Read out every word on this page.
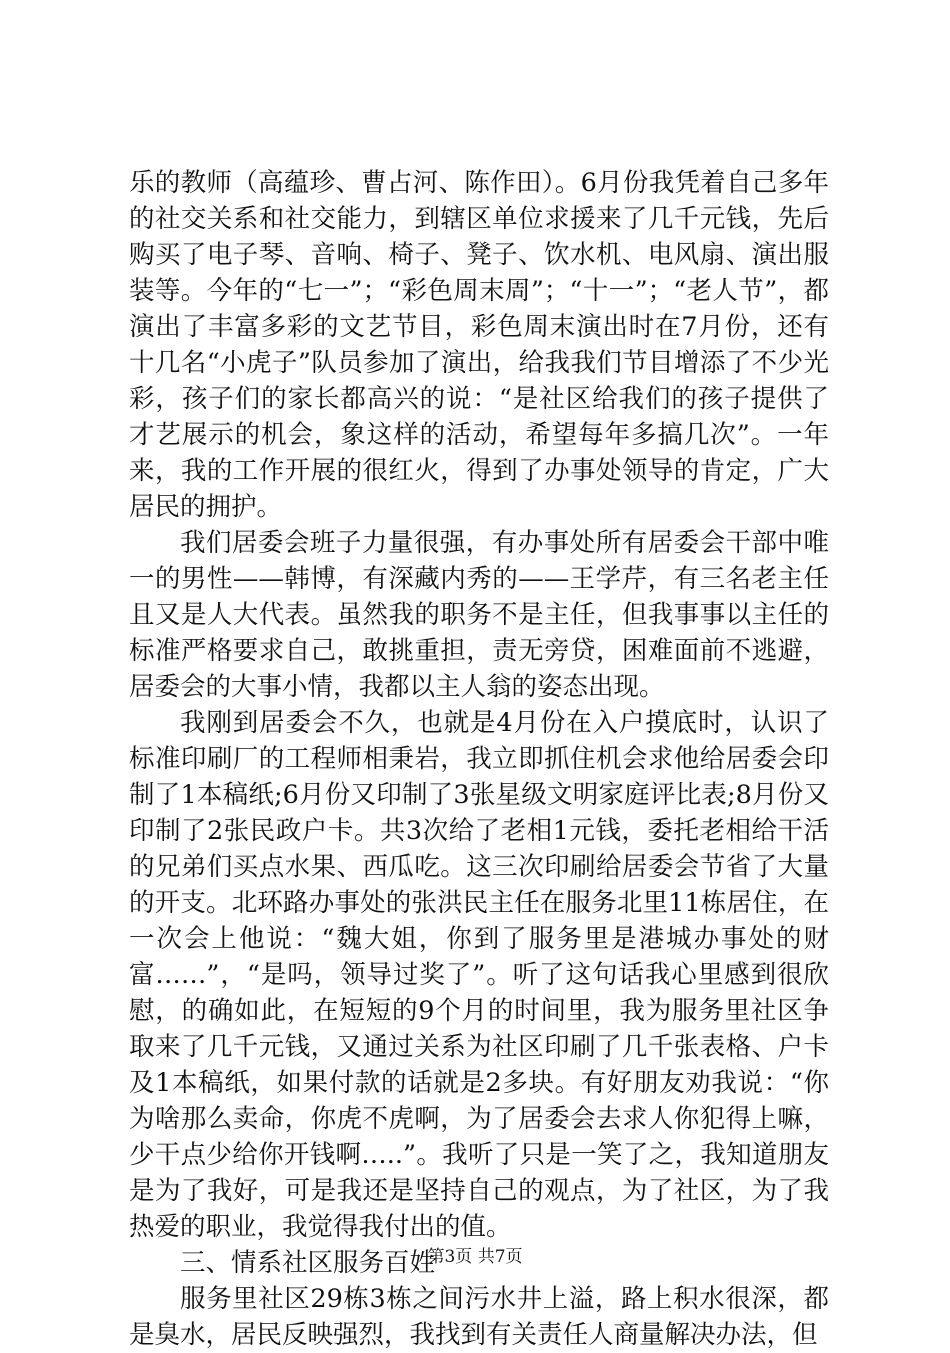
乐的教师（高蕴珍、曹占河、陈作田）。6月份我凭着自己多年的社交关系和社交能力，到辖区单位求援来了几千元钱，先后购买了电子琴、音响、椅子、凳子、饮水机、电风扇、演出服装等。今年的“七一”；“彩色周末周”；“十一”；“老人节”，都演出了丰富多彩的文艺节目，彩色周末演出时在7月份，还有十几名“小虎子”队员参加了演出，给我我们节目增添了不少光彩，孩子们的家长都高兴的说：“是社区给我们的孩子提供了才艺展示的机会，象这样的活动，希望每年多搞几次”。一年来，我的工作开展的很红火，得到了办事处领导的肯定，广大居民的拥护。

我们居委会班子力量很强，有办事处所有居委会干部中唯一的男性——韩博，有深藏内秀的——王学芹，有三名老主任且又是人大代表。虽然我的职务不是主任，但我事事以主任的标准严格要求自己，敢挑重担，责无旁贷，困难面前不逃避，居委会的大事小情，我都以主人翁的姿态出现。

我刚到居委会不久，也就是4月份在入户摸底时，认识了标准印刷厂的工程师相秉岩，我立即抓住机会求他给居委会印制了1本稿纸;6月份又印制了3张星级文明家庭评比表;8月份又印制了2张民政户卡。共3次给了老相1元钱，委托老相给干活的兄弟们买点水果、西瓜吃。这三次印刷给居委会节省了大量的开支。北环路办事处的张洪民主任在服务北里11栋居住，在一次会上他说：“魏大姐，你到了服务里是港城办事处的财富……”，“是吗，领导过奖了”。听了这句话我心里感到很欣慰，的确如此，在短短的9个月的时间里，我为服务里社区争取来了几千元钱，又通过关系为社区印刷了几千张表格、户卡及1本稿纸，如果付款的话就是2多块。有好朋友劝我说：“你为啥那么卖命，你虎不虎啊，为了居委会去求人你犯得上嘛，少干点少给你开钱啊…..”。我听了只是一笑了之，我知道朋友是为了我好，可是我还是坚持自己的观点，为了社区，为了我热爱的职业，我觉得我付出的值。

三、情系社区服务百姓

服务里社区29栋3栋之间污水井上溢，路上积水很深，都是臭水，居民反映强烈，我找到有关责任人商量解决办法，但

第3页 共7页
